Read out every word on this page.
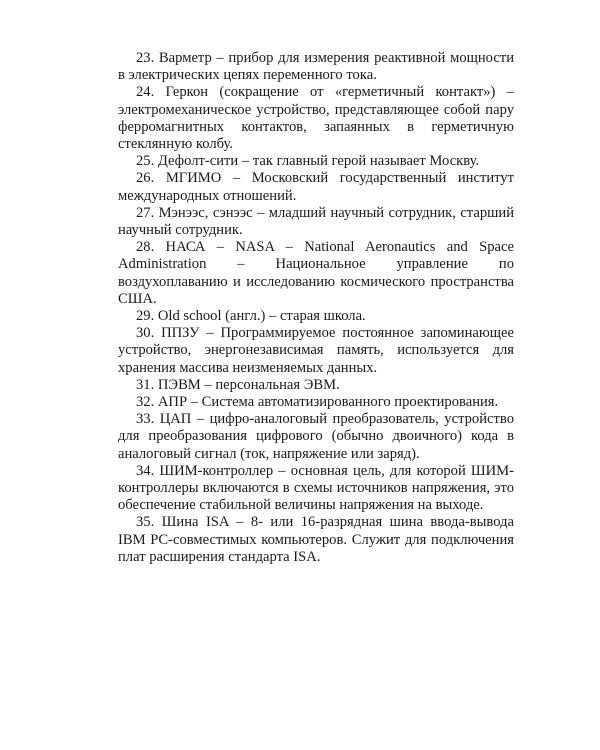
23. Варметр – прибор для измерения реактивной мощности в электрических цепях переменного тока.

24. Геркон (сокращение от «герметичный контакт») – электромеханическое устройство, представляющее собой пару ферромагнитных контактов, запаянных в герметичную стеклянную колбу.

25. Дефолт-сити – так главный герой называет Москву.

26. МГИМО – Московский государственный институт международных отношений.

27. Мэнээс, сэнээс – младший научный сотрудник, старший научный сотрудник.

28. НАСА – NASA – National Aeronautics and Space Administration – Национальное управление по воздухоплаванию и исследованию космического пространства США.

29. Old school (англ.) – старая школа.

30. ППЗУ – Программируемое постоянное запоминающее устройство, энергонезависимая память, используется для хранения массива неизменяемых данных.

31. ПЭВМ – персональная ЭВМ.

32. АПР – Система автоматизированного проектирования.

33. ЦАП – цифро-аналоговый преобразователь, устройство для преобразования цифрового (обычно двоичного) кода в аналоговый сигнал (ток, напряжение или заряд).

34. ШИМ-контроллер – основная цель, для которой ШИМ-контроллеры включаются в схемы источников напряжения, это обеспечение стабильной величины напряжения на выходе.

35. Шина ISA – 8- или 16-разрядная шина ввода-вывода IBM PC-совместимых компьютеров. Служит для подключения плат расширения стандарта ISA.
